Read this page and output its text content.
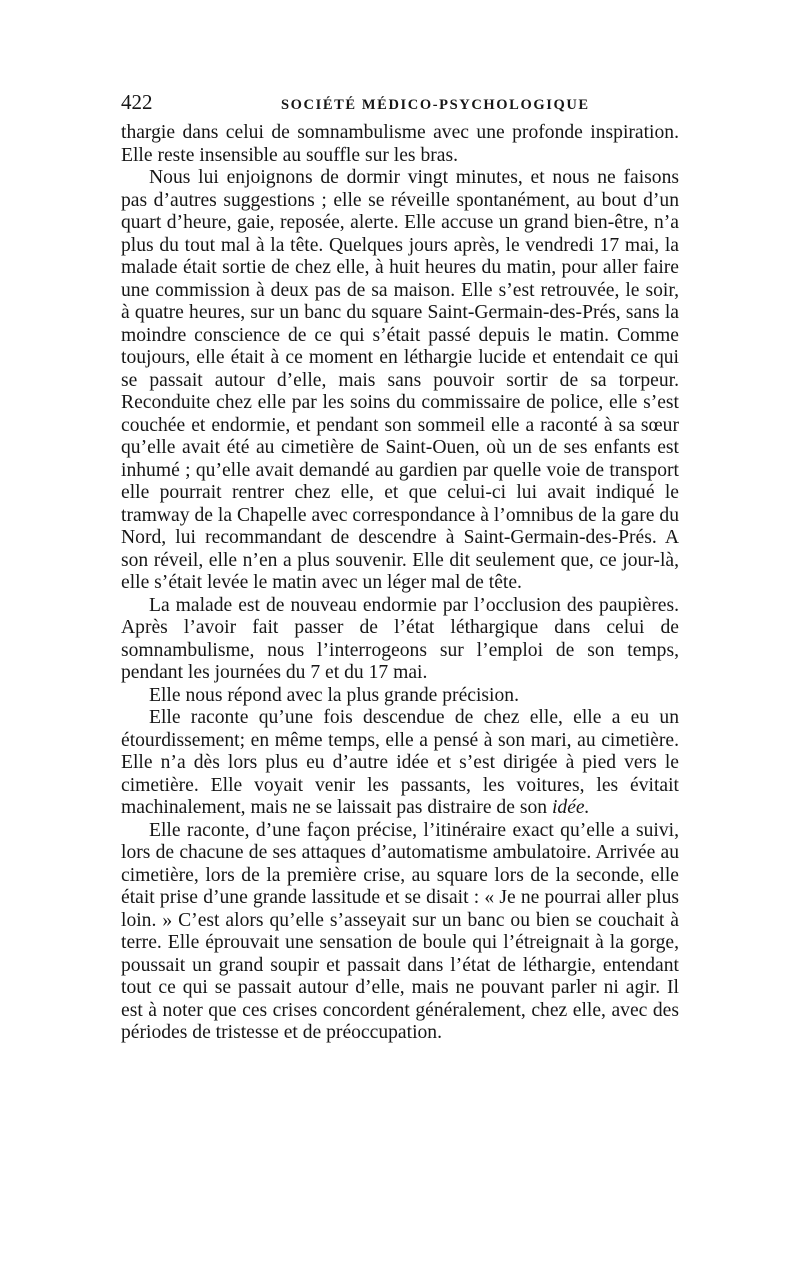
422	SOCIÉTÉ MÉDICO-PSYCHOLOGIQUE

thargie dans celui de somnambulisme avec une profonde inspiration. Elle reste insensible au souffle sur les bras.

Nous lui enjoignons de dormir vingt minutes, et nous ne faisons pas d’autres suggestions ; elle se réveille spontanément, au bout d’un quart d’heure, gaie, reposée, alerte. Elle accuse un grand bien-être, n’a plus du tout mal à la tête. Quelques jours après, le vendredi 17 mai, la malade était sortie de chez elle, à huit heures du matin, pour aller faire une commission à deux pas de sa maison. Elle s’est retrouvée, le soir, à quatre heures, sur un banc du square Saint-Germain-des-Prés, sans la moindre conscience de ce qui s’était passé depuis le matin. Comme toujours, elle était à ce moment en léthargie lucide et entendait ce qui se passait autour d’elle, mais sans pouvoir sortir de sa torpeur. Reconduite chez elle par les soins du commissaire de police, elle s’est couchée et endormie, et pendant son sommeil elle a raconté à sa sœur qu’elle avait été au cimetière de Saint-Ouen, où un de ses enfants est inhumé ; qu’elle avait demandé au gardien par quelle voie de transport elle pourrait rentrer chez elle, et que celui-ci lui avait indiqué le tramway de la Chapelle avec correspondance à l’omnibus de la gare du Nord, lui recommandant de descendre à Saint-Germain-des-Prés. A son réveil, elle n’en a plus souvenir. Elle dit seulement que, ce jour-là, elle s’était levée le matin avec un léger mal de tête.

La malade est de nouveau endormie par l’occlusion des paupières. Après l’avoir fait passer de l’état léthargique dans celui de somnambulisme, nous l’interrogeons sur l’emploi de son temps, pendant les journées du 7 et du 17 mai.

Elle nous répond avec la plus grande précision.

Elle raconte qu’une fois descendue de chez elle, elle a eu un étourdissement; en même temps, elle a pensé à son mari, au cimetière. Elle n’a dès lors plus eu d’autre idée et s’est dirigée à pied vers le cimetière. Elle voyait venir les passants, les voitures, les évitait machinalement, mais ne se laissait pas distraire de son idée.

Elle raconte, d’une façon précise, l’itinéraire exact qu’elle a suivi, lors de chacune de ses attaques d’automatisme ambulatoire. Arrivée au cimetière, lors de la première crise, au square lors de la seconde, elle était prise d’une grande lassitude et se disait : « Je ne pourrai aller plus loin. » C’est alors qu’elle s’asseyait sur un banc ou bien se couchait à terre. Elle éprouvait une sensation de boule qui l’étreignait à la gorge, poussait un grand soupir et passait dans l’état de léthargie, entendant tout ce qui se passait autour d’elle, mais ne pouvant parler ni agir. Il est à noter que ces crises concordent généralement, chez elle, avec des périodes de tristesse et de préoccupation.
